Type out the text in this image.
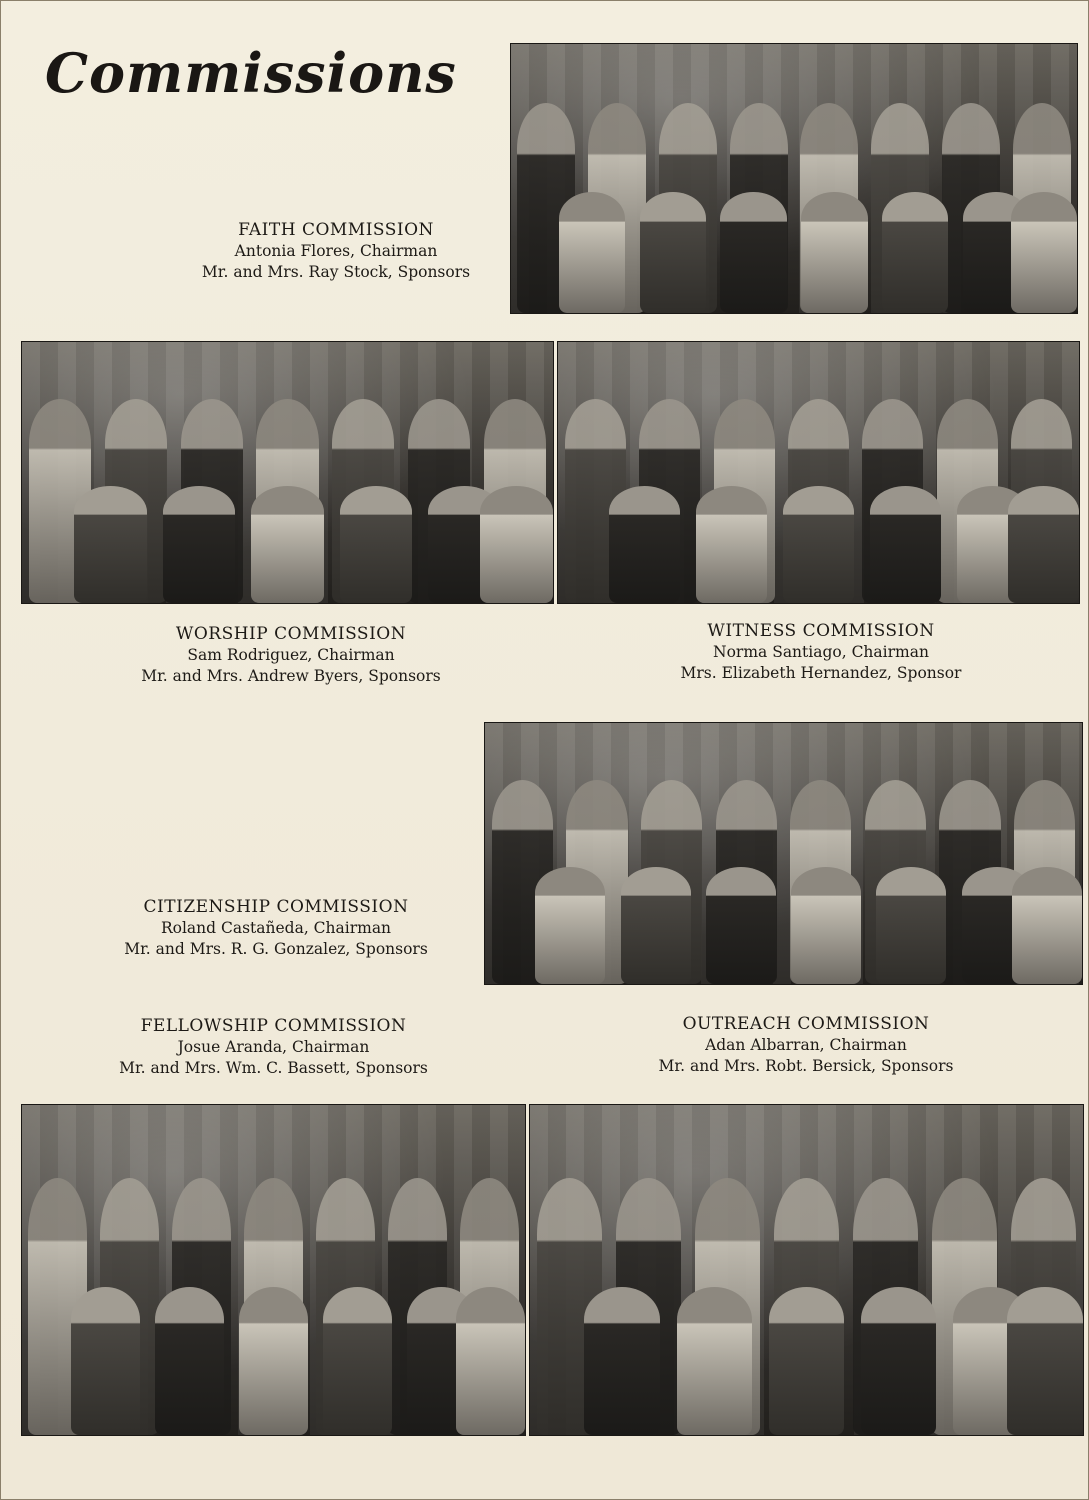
Commissions
FAITH COMMISSION
Antonia Flores, Chairman
Mr. and Mrs. Ray Stock, Sponsors
WORSHIP COMMISSION
Sam Rodriguez, Chairman
Mr. and Mrs. Andrew Byers, Sponsors
WITNESS COMMISSION
Norma Santiago, Chairman
Mrs. Elizabeth Hernandez, Sponsor
CITIZENSHIP COMMISSION
Roland Castañeda, Chairman
Mr. and Mrs. R. G. Gonzalez, Sponsors
FELLOWSHIP COMMISSION
Josue Aranda, Chairman
Mr. and Mrs. Wm. C. Bassett, Sponsors
OUTREACH COMMISSION
Adan Albarran, Chairman
Mr. and Mrs. Robt. Bersick, Sponsors
